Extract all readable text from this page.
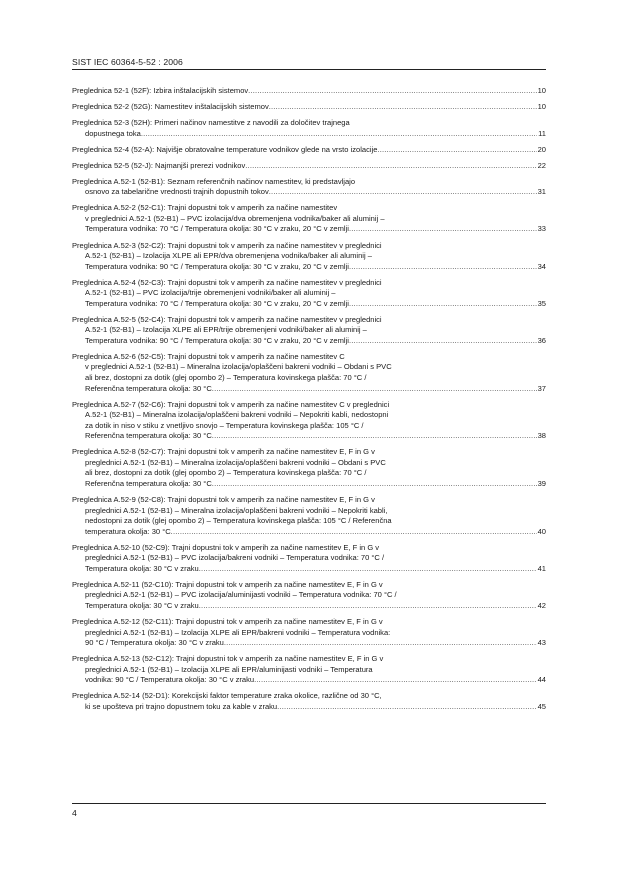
SIST IEC 60364-5-52 : 2006
Preglednica 52-1 (52F): Izbira inštalacijskih sistemov .....	10
Preglednica 52-2 (52G): Namestitev inštalacijskih sistemov .....	10
Preglednica 52-3 (52H): Primeri načinov namestitve z navodili za določitev trajnega
dopustnega toka .....	11
Preglednica 52-4 (52-A): Najvišje obratovalne temperature vodnikov glede na vrsto izolacije .....	20
Preglednica 52-5 (52-J): Najmanjši prerezi vodnikov .....	22
Preglednica A.52-1 (52-B1): Seznam referenčnih načinov namestitev, ki predstavljajo
osnovo za tabelarične vrednosti trajnih dopustnih tokov .....	31
Preglednica A.52-2 (52-C1): Trajni dopustni tok v amperih za načine namestitev
v preglednici A.52-1 (52-B1) – PVC izolacija/dva obremenjena vodnika/baker ali aluminij –
Temperatura vodnika: 70 °C / Temperatura okolja: 30 °C v zraku, 20 °C v zemlji .....	33
Preglednica A.52-3 (52-C2): Trajni dopustni tok v amperih za načine namestitev v preglednici
A.52-1 (52-B1) – Izolacija XLPE ali EPR/dva obremenjena vodnika/baker ali aluminij –
Temperatura vodnika: 90 °C / Temperatura okolja: 30 °C v zraku, 20 °C v zemlji .....	34
Preglednica A.52-4 (52-C3): Trajni dopustni tok v amperih za načine namestitev v preglednici
A.52-1 (52-B1) – PVC izolacija/trije obremenjeni vodniki/baker ali aluminij –
Temperatura vodnika: 70 °C / Temperatura okolja: 30 °C v zraku, 20 °C v zemlji .....	35
Preglednica A.52-5 (52-C4): Trajni dopustni tok v amperih za načine namestitev v preglednici
A.52-1 (52-B1) – Izolacija XLPE ali EPR/trije obremenjeni vodniki/baker ali aluminij –
Temperatura vodnika: 90 °C / Temperatura okolja: 30 °C v zraku, 20 °C v zemlji .....	36
Preglednica A.52-6 (52-C5): Trajni dopustni tok v amperih za načine namestitev C
v preglednici A.52-1 (52-B1) – Mineralna izolacija/oplaščeni bakreni vodniki – Obdani s PVC
ali brez, dostopni za dotik (glej opombo 2) – Temperatura kovinskega plašča: 70 °C /
Referenčna temperatura okolja: 30 °C .....	37
Preglednica A.52-7 (52-C6): Trajni dopustni tok v amperih za načine namestitev C v preglednici
A.52-1 (52-B1) – Mineralna izolacija/oplaščeni bakreni vodniki – Nepokriti kabli, nedostopni
za dotik in niso v stiku z vnetljivo snovjo – Temperatura kovinskega plašča: 105 °C /
Referenčna temperatura okolja: 30 °C .....	38
Preglednica A.52-8 (52-C7): Trajni dopustni tok v amperih za načine namestitev E, F in G v
preglednici A.52-1 (52-B1) – Mineralna izolacija/oplaščeni bakreni vodniki – Obdani s PVC
ali brez, dostopni za dotik (glej opombo 2) – Temperatura kovinskega plašča: 70 °C /
Referenčna temperatura okolja: 30 °C .....	39
Preglednica A.52-9 (52-C8): Trajni dopustni tok v amperih za načine namestitev E, F in G v
preglednici A.52-1 (52-B1) – Mineralna izolacija/oplaščeni bakreni vodniki – Nepokriti kabli,
nedostopni za dotik (glej opombo 2) – Temperatura kovinskega plašča: 105 °C / Referenčna
temperatura okolja: 30 °C .....	40
Preglednica A.52-10 (52-C9): Trajni dopustni tok v amperih za načine namestitev E, F in G v
preglednici A.52-1 (52-B1) – PVC izolacija/bakreni vodniki – Temperatura vodnika: 70 °C /
Temperatura okolja: 30 °C v zraku .....	41
Preglednica A.52-11 (52-C10): Trajni dopustni tok v amperih za načine namestitev E, F in G v
preglednici A.52-1 (52-B1) – PVC izolacija/aluminijasti vodniki – Temperatura vodnika: 70 °C /
Temperatura okolja: 30 °C v zraku .....	42
Preglednica A.52-12 (52-C11): Trajni dopustni tok v amperih za načine namestitev E, F in G v
preglednici A.52-1 (52-B1) – Izolacija XLPE ali EPR/bakreni vodniki – Temperatura vodnika:
90 °C / Temperatura okolja: 30 °C v zraku .....	43
Preglednica A.52-13 (52-C12): Trajni dopustni tok v amperih za načine namestitev E, F in G v
preglednici A.52-1 (52-B1) – Izolacija XLPE ali EPR/aluminijasti vodniki – Temperatura
vodnika: 90 °C / Temperatura okolja: 30 °C v zraku .....	44
Preglednica A.52-14 (52-D1): Korekcijski faktor temperature zraka okolice, različne od 30 °C,
ki se upošteva pri trajno dopustnem toku za kable v zraku .....	45
4
